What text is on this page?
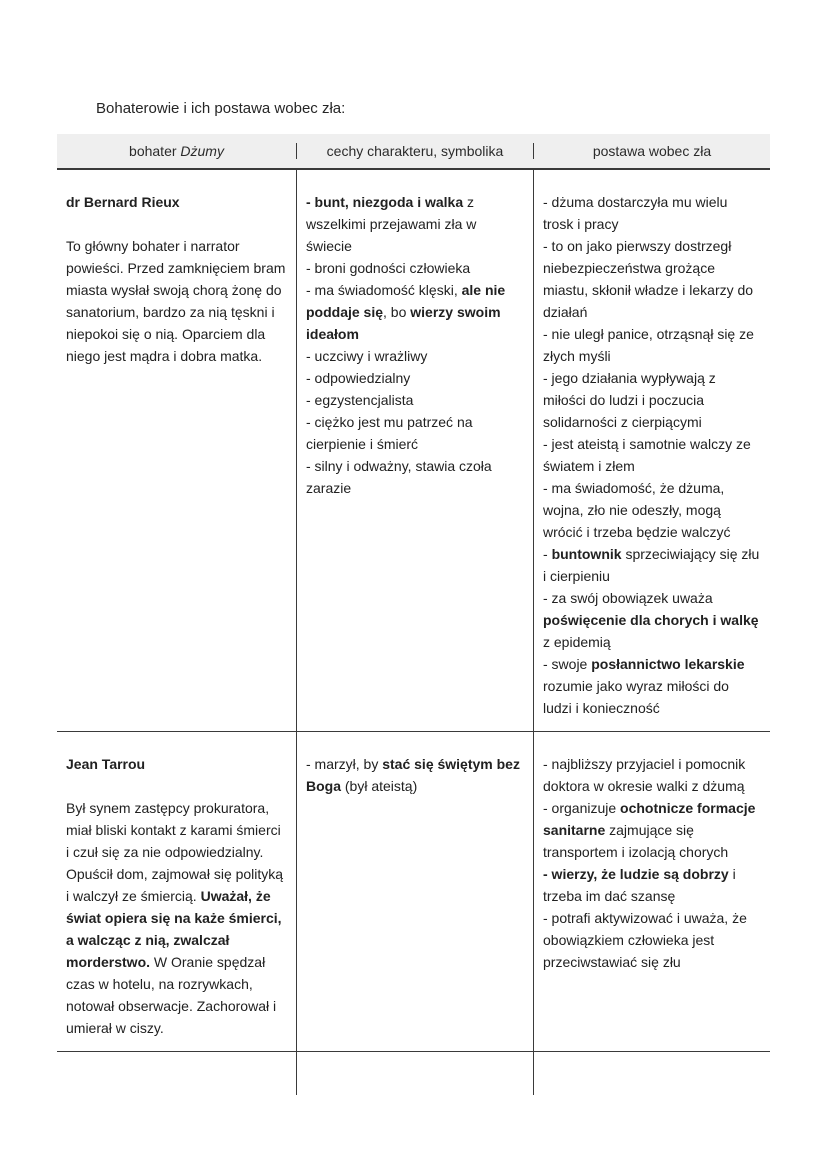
Bohaterowie i ich postawa wobec zła:
bohater Dżumy	cechy charakteru, symbolika	postawa wobec zła
dr Bernard Rieux

To główny bohater i narrator powieści. Przed zamknięciem bram miasta wysłał swoją chorą żonę do sanatorium, bardzo za nią tęskni i niepokoi się o nią. Oparciem dla niego jest mądra i dobra matka.
- bunt, niezgoda i walka z wszelkimi przejawami zła w świecie
- broni godności człowieka
- ma świadomość klęski, ale nie poddaje się, bo wierzy swoim ideałom
- uczciwy i wrażliwy
- odpowiedzialny
- egzystencjalista
- ciężko jest mu patrzeć na cierpienie i śmierć
- silny i odważny, stawia czoła zarazie
- dżuma dostarczyła mu wielu trosk i pracy
- to on jako pierwszy dostrzegł niebezpieczeństwa grożące miastu, skłonił władze i lekarzy do działań
- nie uległ panice, otrząsnął się ze złych myśli
- jego działania wypływają z miłości do ludzi i poczucia solidarności z cierpiącymi
- jest ateistą i samotnie walczy ze światem i złem
- ma świadomość, że dżuma, wojna, zło nie odeszły, mogą wrócić i trzeba będzie walczyć
- buntownik sprzeciwiający się złu i cierpieniu
- za swój obowiązek uważa poświęcenie dla chorych i walkę z epidemią
- swoje posłannictwo lekarskie rozumie jako wyraz miłości do ludzi i konieczność
Jean Tarrou

Był synem zastępcy prokuratora, miał bliski kontakt z karami śmierci i czuł się za nie odpowiedzialny. Opuścił dom, zajmował się polityką i walczył ze śmiercią. Uważał, że świat opiera się na każe śmierci, a walcząc z nią, zwalczał morderstwo. W Oranie spędzał czas w hotelu, na rozrywkach, notował obserwacje. Zachorował i umierał w ciszy.
- marzył, by stać się świętym bez Boga (był ateistą)
- najbliższy przyjaciel i pomocnik doktora w okresie walki z dżumą
- organizuje ochotnicze formacje sanitarne zajmujące się transportem i izolacją chorych
- wierzy, że ludzie są dobrzy i trzeba im dać szansę
- potrafi aktywizować i uważa, że obowiązkiem człowieka jest przeciwstawiać się złu
